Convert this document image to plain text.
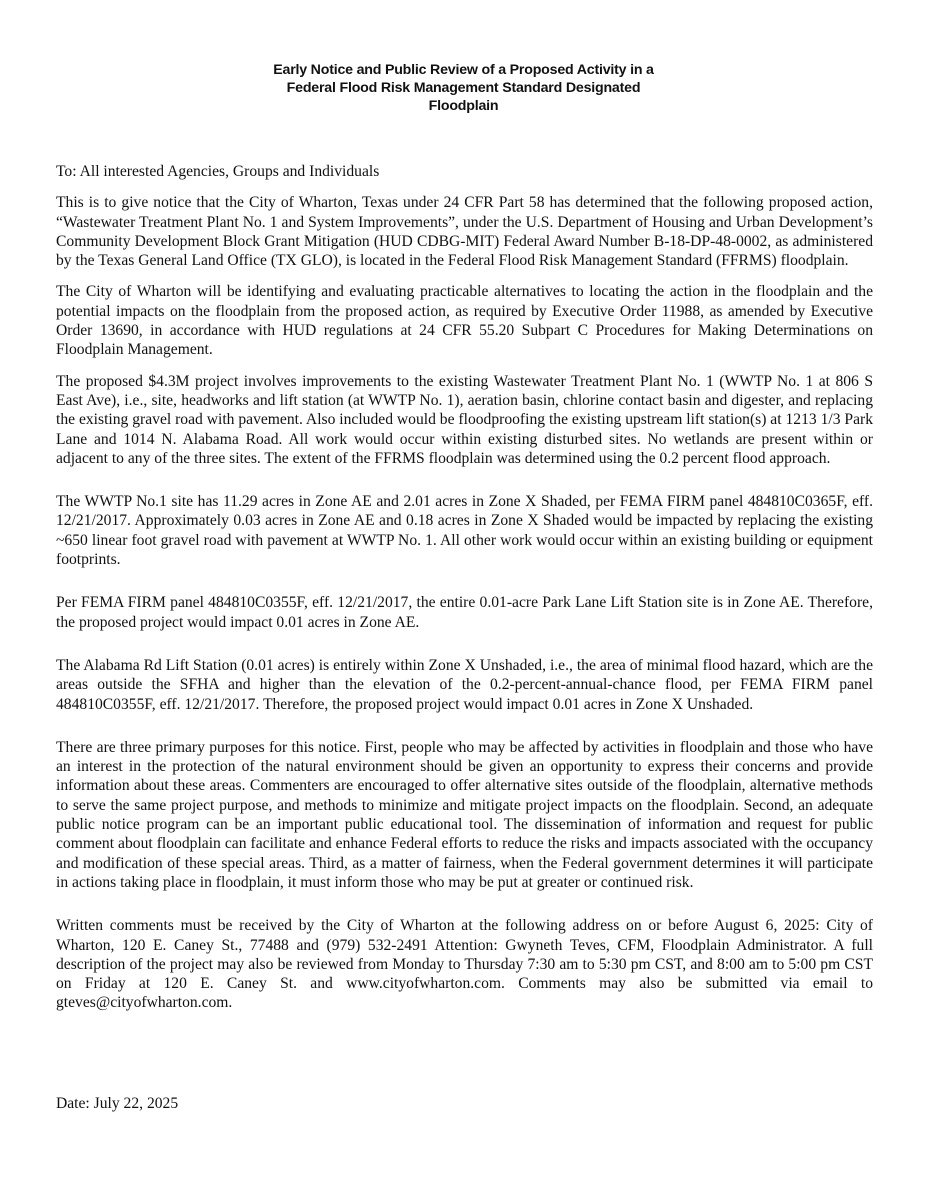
Early Notice and Public Review of a Proposed Activity in a
Federal Flood Risk Management Standard Designated
Floodplain

To: All interested Agencies, Groups and Individuals

This is to give notice that the City of Wharton, Texas under 24 CFR Part 58 has determined that the following proposed action, “Wastewater Treatment Plant No. 1 and System Improvements”, under the U.S. Department of Housing and Urban Development’s Community Development Block Grant Mitigation (HUD CDBG-MIT) Federal Award Number B-18-DP-48-0002, as administered by the Texas General Land Office (TX GLO), is located in the Federal Flood Risk Management Standard (FFRMS) floodplain.

The City of Wharton will be identifying and evaluating practicable alternatives to locating the action in the floodplain and the potential impacts on the floodplain from the proposed action, as required by Executive Order 11988, as amended by Executive Order 13690, in accordance with HUD regulations at 24 CFR 55.20 Subpart C Procedures for Making Determinations on Floodplain Management.

The proposed $4.3M project involves improvements to the existing Wastewater Treatment Plant No. 1 (WWTP No. 1 at 806 S East Ave), i.e., site, headworks and lift station (at WWTP No. 1), aeration basin, chlorine contact basin and digester, and replacing the existing gravel road with pavement. Also included would be floodproofing the existing upstream lift station(s) at 1213 1/3 Park Lane and 1014 N. Alabama Road. All work would occur within existing disturbed sites. No wetlands are present within or adjacent to any of the three sites. The extent of the FFRMS floodplain was determined using the 0.2 percent flood approach.

The WWTP No.1 site has 11.29 acres in Zone AE and 2.01 acres in Zone X Shaded, per FEMA FIRM panel 484810C0365F, eff. 12/21/2017. Approximately 0.03 acres in Zone AE and 0.18 acres in Zone X Shaded would be impacted by replacing the existing ~650 linear foot gravel road with pavement at WWTP No. 1. All other work would occur within an existing building or equipment footprints.

Per FEMA FIRM panel 484810C0355F, eff. 12/21/2017, the entire 0.01-acre Park Lane Lift Station site is in Zone AE. Therefore, the proposed project would impact 0.01 acres in Zone AE.

The Alabama Rd Lift Station (0.01 acres) is entirely within Zone X Unshaded, i.e., the area of minimal flood hazard, which are the areas outside the SFHA and higher than the elevation of the 0.2-percent-annual-chance flood, per FEMA FIRM panel 484810C0355F, eff. 12/21/2017. Therefore, the proposed project would impact 0.01 acres in Zone X Unshaded.

There are three primary purposes for this notice. First, people who may be affected by activities in floodplain and those who have an interest in the protection of the natural environment should be given an opportunity to express their concerns and provide information about these areas. Commenters are encouraged to offer alternative sites outside of the floodplain, alternative methods to serve the same project purpose, and methods to minimize and mitigate project impacts on the floodplain. Second, an adequate public notice program can be an important public educational tool. The dissemination of information and request for public comment about floodplain can facilitate and enhance Federal efforts to reduce the risks and impacts associated with the occupancy and modification of these special areas. Third, as a matter of fairness, when the Federal government determines it will participate in actions taking place in floodplain, it must inform those who may be put at greater or continued risk.

Written comments must be received by the City of Wharton at the following address on or before August 6, 2025: City of Wharton, 120 E. Caney St., 77488 and (979) 532-2491 Attention: Gwyneth Teves, CFM, Floodplain Administrator. A full description of the project may also be reviewed from Monday to Thursday 7:30 am to 5:30 pm CST, and 8:00 am to 5:00 pm CST on Friday at 120 E. Caney St. and www.cityofwharton.com. Comments may also be submitted via email to gteves@cityofwharton.com.

Date: July 22, 2025
